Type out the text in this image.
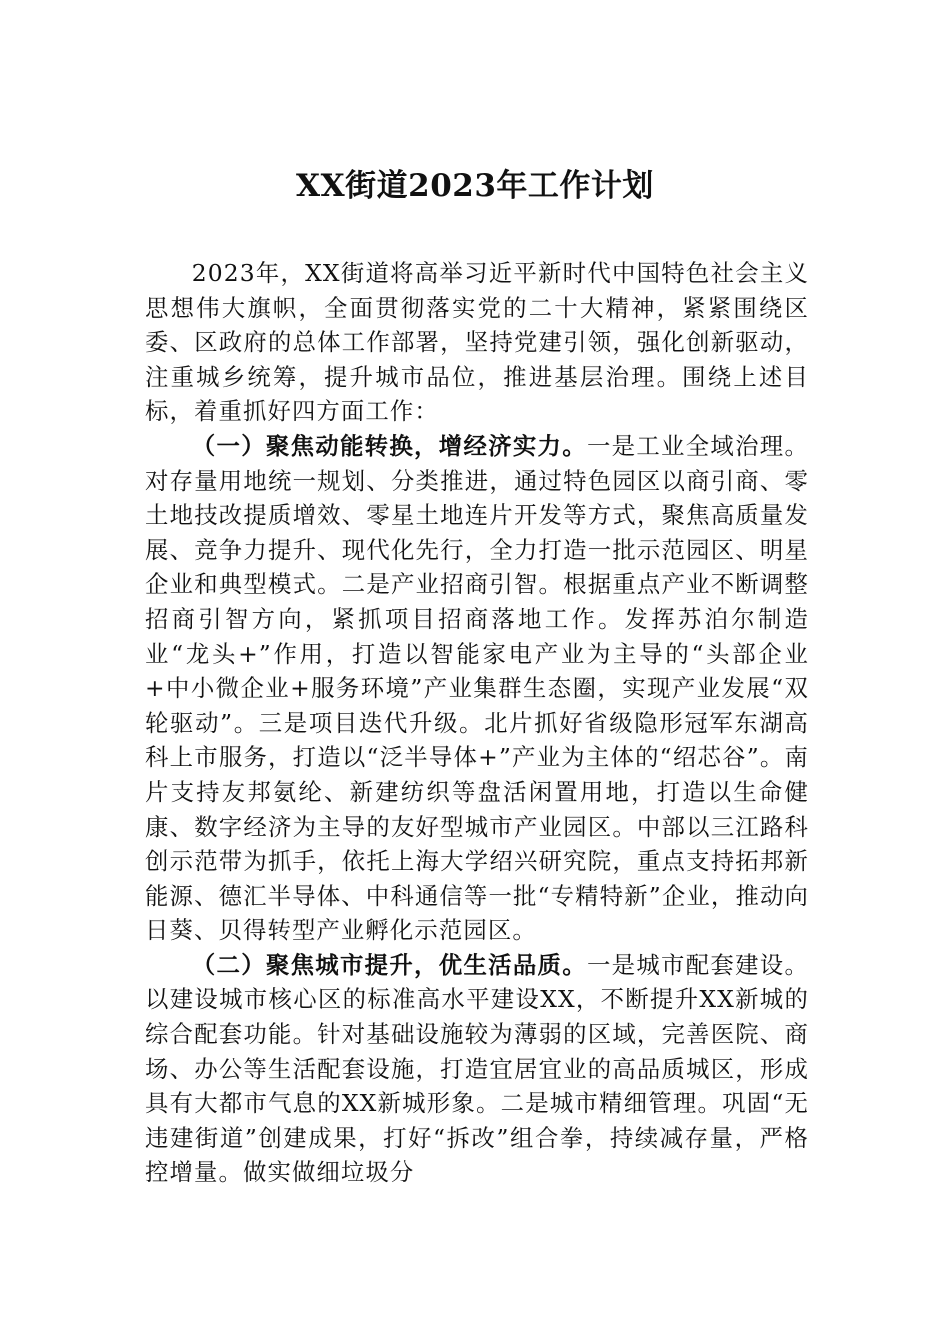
XX街道2023年工作计划

2023年，XX街道将高举习近平新时代中国特色社会主义思想伟大旗帜，全面贯彻落实党的二十大精神，紧紧围绕区委、区政府的总体工作部署，坚持党建引领，强化创新驱动，注重城乡统筹，提升城市品位，推进基层治理。围绕上述目标，着重抓好四方面工作：

（一）聚焦动能转换，增经济实力。一是工业全域治理。对存量用地统一规划、分类推进，通过特色园区以商引商、零土地技改提质增效、零星土地连片开发等方式，聚焦高质量发展、竞争力提升、现代化先行，全力打造一批示范园区、明星企业和典型模式。二是产业招商引智。根据重点产业不断调整招商引智方向，紧抓项目招商落地工作。发挥苏泊尔制造业“龙头+”作用，打造以智能家电产业为主导的“头部企业+中小微企业+服务环境”产业集群生态圈，实现产业发展“双轮驱动”。三是项目迭代升级。北片抓好省级隐形冠军东湖高科上市服务，打造以“泛半导体+”产业为主体的“绍芯谷”。南片支持友邦氨纶、新建纺织等盘活闲置用地，打造以生命健康、数字经济为主导的友好型城市产业园区。中部以三江路科创示范带为抓手，依托上海大学绍兴研究院，重点支持拓邦新能源、德汇半导体、中科通信等一批“专精特新”企业，推动向日葵、贝得转型产业孵化示范园区。

（二）聚焦城市提升，优生活品质。一是城市配套建设。以建设城市核心区的标准高水平建设XX，不断提升XX新城的综合配套功能。针对基础设施较为薄弱的区域，完善医院、商场、办公等生活配套设施，打造宜居宜业的高品质城区，形成具有大都市气息的XX新城形象。二是城市精细管理。巩固“无违建街道”创建成果，打好“拆改”组合拳，持续减存量，严格控增量。做实做细垃圾分
